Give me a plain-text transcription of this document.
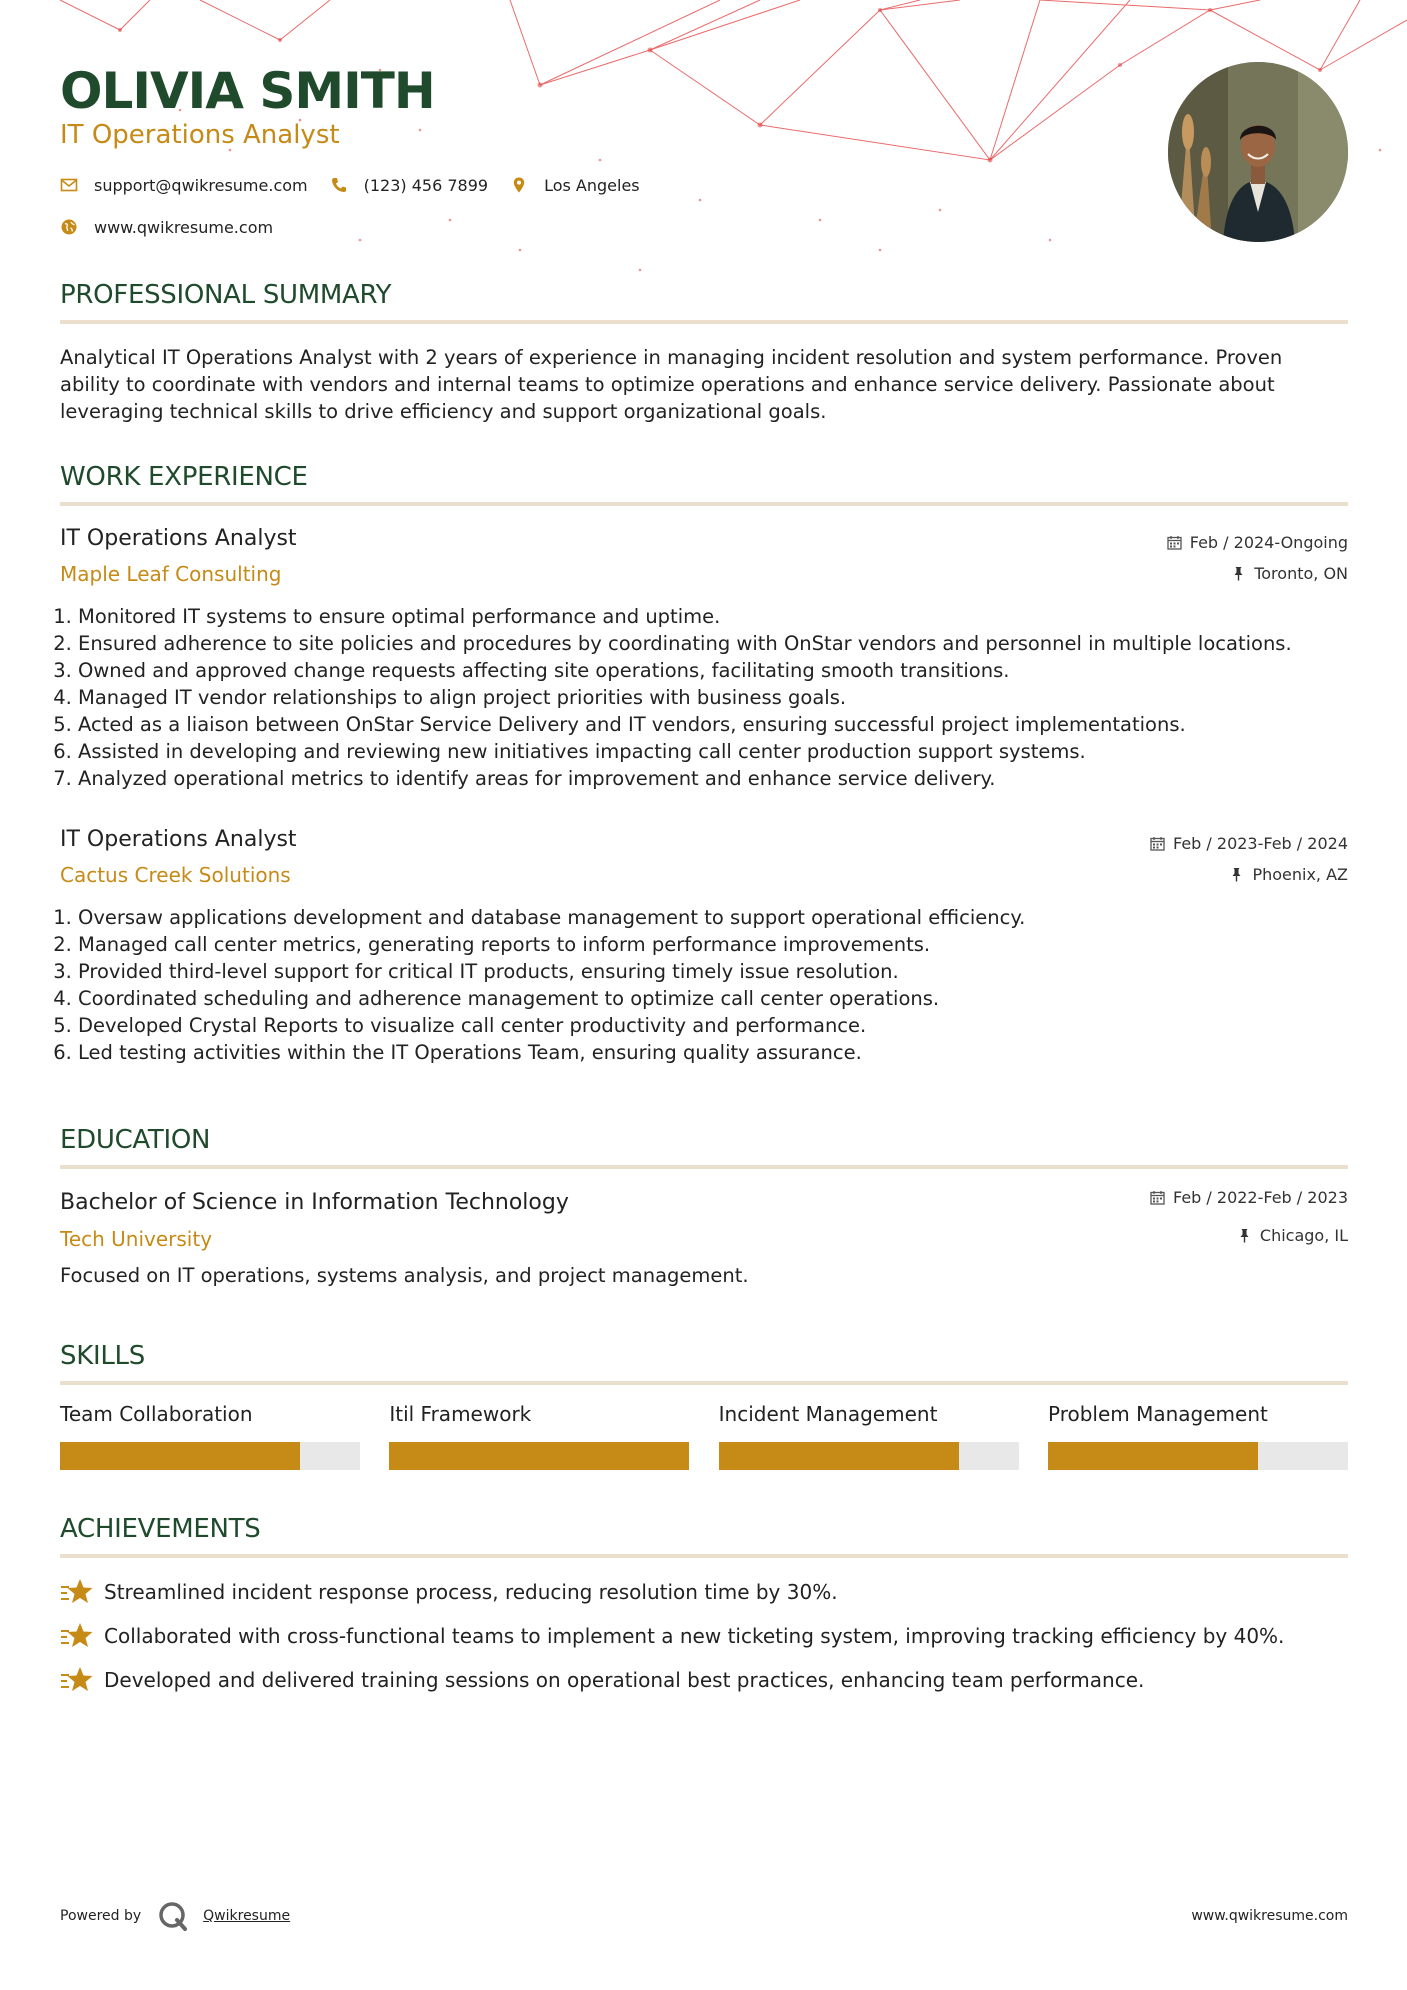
OLIVIA SMITH
IT Operations Analyst
support@qwikresume.com	(123) 456 7899	Los Angeles
www.qwikresume.com
PROFESSIONAL SUMMARY
Analytical IT Operations Analyst with 2 years of experience in managing incident resolution and system performance. Proven ability to coordinate with vendors and internal teams to optimize operations and enhance service delivery. Passionate about leveraging technical skills to drive efficiency and support organizational goals.
WORK EXPERIENCE
IT Operations Analyst
Maple Leaf Consulting
Feb / 2024-Ongoing
Toronto, ON
1. Monitored IT systems to ensure optimal performance and uptime.
2. Ensured adherence to site policies and procedures by coordinating with OnStar vendors and personnel in multiple locations.
3. Owned and approved change requests affecting site operations, facilitating smooth transitions.
4. Managed IT vendor relationships to align project priorities with business goals.
5. Acted as a liaison between OnStar Service Delivery and IT vendors, ensuring successful project implementations.
6. Assisted in developing and reviewing new initiatives impacting call center production support systems.
7. Analyzed operational metrics to identify areas for improvement and enhance service delivery.
IT Operations Analyst
Cactus Creek Solutions
Feb / 2023-Feb / 2024
Phoenix, AZ
1. Oversaw applications development and database management to support operational efficiency.
2. Managed call center metrics, generating reports to inform performance improvements.
3. Provided third-level support for critical IT products, ensuring timely issue resolution.
4. Coordinated scheduling and adherence management to optimize call center operations.
5. Developed Crystal Reports to visualize call center productivity and performance.
6. Led testing activities within the IT Operations Team, ensuring quality assurance.
EDUCATION
Bachelor of Science in Information Technology
Tech University
Feb / 2022-Feb / 2023
Chicago, IL
Focused on IT operations, systems analysis, and project management.
SKILLS
Team Collaboration	Itil Framework	Incident Management	Problem Management
ACHIEVEMENTS
Streamlined incident response process, reducing resolution time by 30%.
Collaborated with cross-functional teams to implement a new ticketing system, improving tracking efficiency by 40%.
Developed and delivered training sessions on operational best practices, enhancing team performance.
Powered by	Qwikresume	www.qwikresume.com
